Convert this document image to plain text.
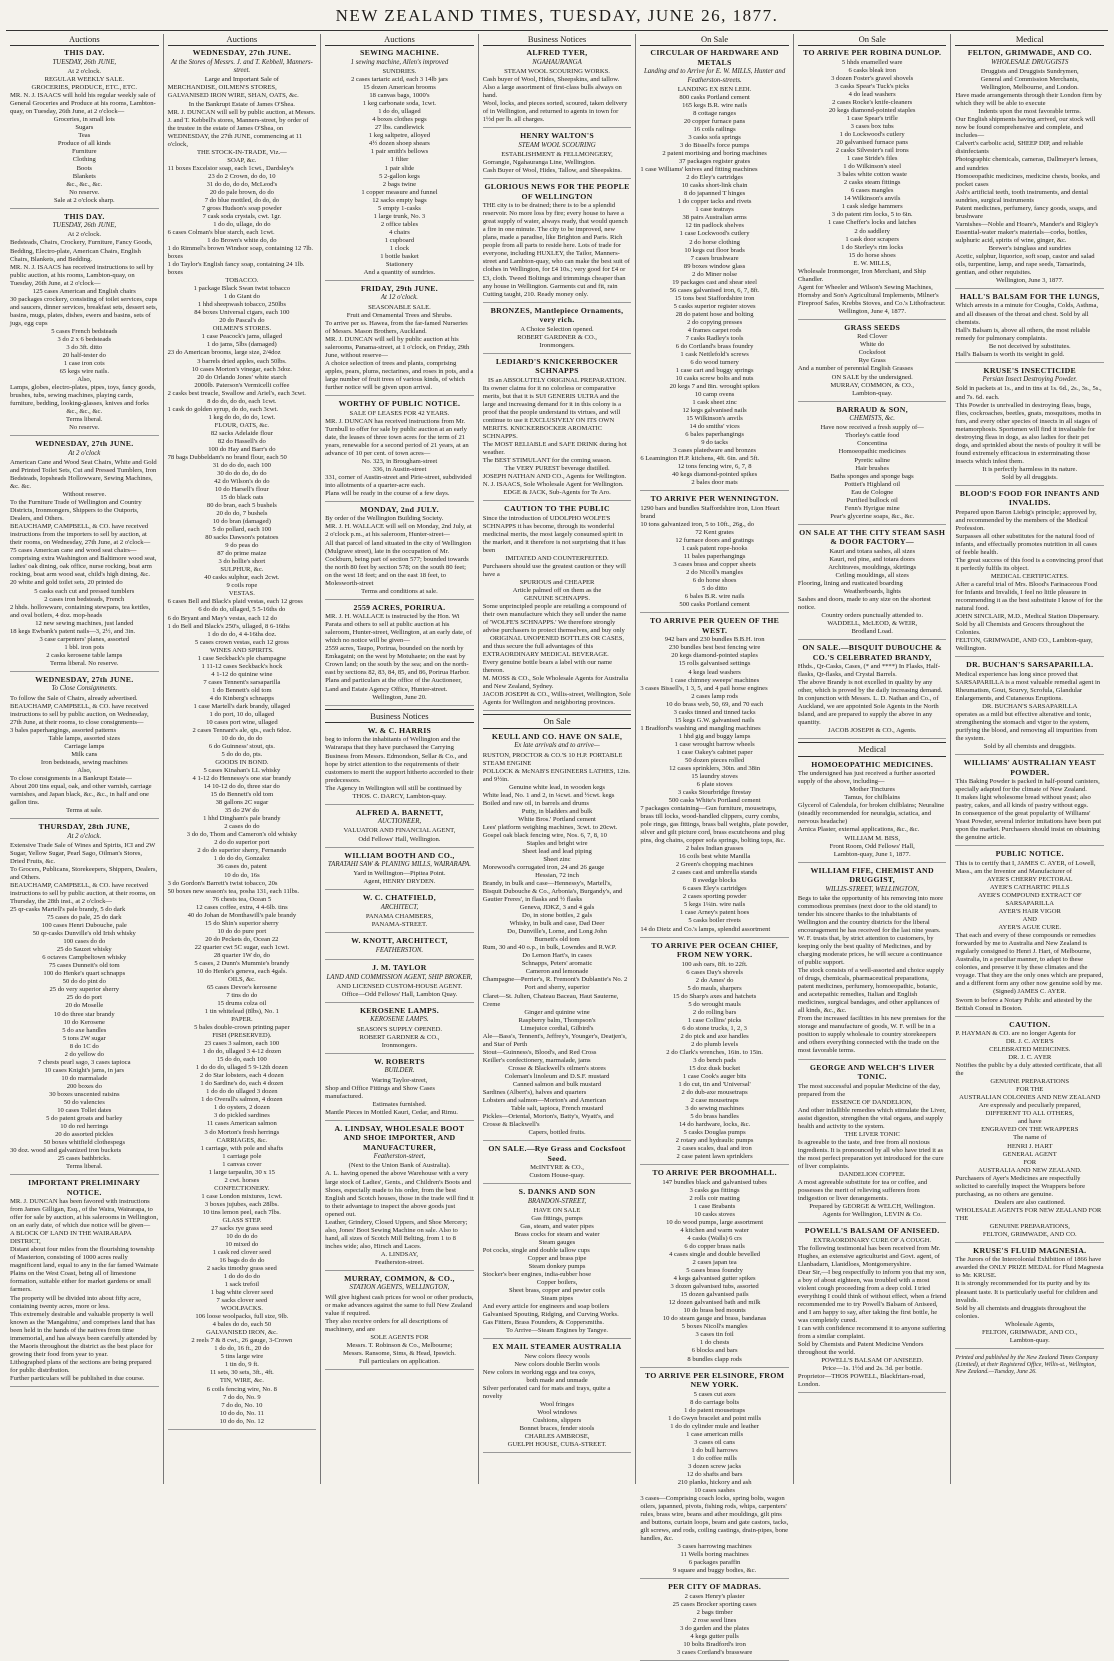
NEW ZEALAND TIMES, TUESDAY, JUNE 26, 1877.
Auctions
THIS DAY.
TUESDAY, 26th JUNE,

At 2 o'clock.

REGULAR WEEKLY SALE.

GROCERIES, PRODUCE, ETC., ETC.

MR. N. J. ISAACS will hold his regular weekly sale of General Groceries and Produce at his rooms, Lambton-quay, on Tuesday, 26th June, at 2 o'clock—

Groceries, in small lots

Sugars

Teas

Produce of all kinds

Furniture

Clothing

Boots

Blankets

&c., &c., &c.

No reserve.

Sale at 2 o'clock sharp.

THIS DAY.
TUESDAY, 26th JUNE,

At 2 o'clock.

Bedsteads, Chairs, Crockery, Furniture, Fancy Goods, Bedding, Electro-plate, American Chairs, English Chairs, Blankets, and Bedding.

MR. N. J. ISAACS has received instructions to sell by public auction, at his rooms, Lambton-quay, on Tuesday, 26th June, at 2 o'clock—

125 cases American and English chairs

30 packages crockery, consisting of toilet services, cups and saucers, dinner services, breakfast sets, dessert sets, basins, mugs, plates, dishes, ewers and basins, sets of jugs, egg cups

5 cases French bedsteads

3 do 2 x 6 bedsteads

3 do 3ft. ditto

20 half-tester do

1 case iron cots

65 kegs wire nails.

Also,

Lamps, globes, electro-plates, pipes, toys, fancy goods, brushes, tubs, sewing machines, playing cards, furniture, bedding, looking-glasses, knives and forks

&c., &c., &c.

Terms liberal.

No reserve.

WEDNESDAY, 27th JUNE.
At 2 o'clock

American Cane and Wood Seat Chairs, White and Gold and Printed Toilet Sets, Cut and Pressed Tumblers, Iron Bedsteads, Iopsheads Hollowware, Sewing Machines, &c. &c.

Without reserve.

To the Furniture Trade of Wellington and Country Districts, Ironmongers, Shippers to the Outports, Dealers, and Others.

BEAUCHAMP, CAMPBELL, & CO. have received instructions from the importers to sell by auction, at their rooms, on Wednesday, 27th June, at 2 o'clock—

75 cases American cane and wood seat chairs—comprising extra Washington and Baltimore wood seat, ladies' oak dining, oak office, nurse rocking, boat arm rocking, boat arm wood seat, child's high dining, &c.

20 white and gold toilet sets, 20 printed do

5 casks each cut and pressed tumblers

2 cases iron bedsteads, French

2 hhds. hollowware, containing stewpans, tea kettles, and oval boilers, 4 doz. mop-heads

12 new sewing machines, just landed

18 kegs Ewbank's patent nails—3, 2½, and 3in.

3 case carpenters' planes, assorted

1 bbl. iron pots

2 casks kerosene table lamps

Terms liberal. No reserve.

WEDNESDAY, 27th JUNE.
To Close Consignments.

To follow the Sale of Chairs, already advertised.

BEAUCHAMP, CAMPBELL, & CO. have received instructions to sell by public auction, on Wednesday, 27th June, at their rooms, to close consignments—

3 bales paperhangings, assorted patterns

Table lamps, assorted sizes

Carriage lamps

Milk cans

Iron bedsteads, sewing machines

Also,

To close consignments in a Bankrupt Estate—

About 200 tins equal, oak, and other varnish, carriage varnishes, and Japan black, &c., &c., in half and one gallon tins.

Terms at sale.

THURSDAY, 28th JUNE,
At 2 o'clock.

Extensive Trade Sale of Wines and Spirits, ICI and 2W Sugar, Yellow Sugar, Pearl Sago, Oilman's Stores, Dried Fruits, &c.

To Grocers, Publicans, Storekeepers, Shippers, Dealers, and Others.

BEAUCHAMP, CAMPBELL, & CO. have received instructions to sell by public auction, at their rooms, on Thursday, the 28th inst., at 2 o'clock—

25 qr-casks Martell's pale brandy, 5 do dark

75 cases do pale, 25 do dark

100 cases Henri Dubouche, pale

50 qr-casks Dunville's old Irish whisky

100 cases do do

25 do Sauzet whisky

6 octaves Campbeltown whisky

75 cases Dunneit's old tom

100 do Henke's quart schnapps

50 do do pint do

25 do very superior sherry

25 do do port

20 do Moselle

10 do three star brandy

10 do Kerosene

5 do axe handles

5 tons 2W sugar

8 do 1C do

2 do yellow do

7 chests pearl sago, 3 cases tapioca

10 cases Knight's jams, in jars

10 do marmalade

200 boxes do

30 boxes unscented raisins

50 do valencies

10 cases Tollet dates

5 do patent groats and barley

10 do red herrings

20 do assorted pickles

50 boxes whitfield clothespegs

30 doz. wood and galvanized iron buckets

25 cases bathbricks.

Terms liberal.

IMPORTANT PRELIMINARY NOTICE.

MR. J. DUNCAN has been favored with instructions from James Gilligan, Esq., of the Waira, Wairarapa, to offer for sale by auction, at his salerooms in Wellington, on an early date, of which due notice will be given—

A BLOCK OF LAND IN THE WAIRARAPA DISTRICT,

Distant about four miles from the flourishing township of Masterton, consisting of 1000 acres really magnificent land, equal to any in the far famed Waimate Plains on the West Coast, being all of limestone formation, suitable either for market gardens or small farmers.

The property will be divided into about fifty acre, containing twenty acres, more or less.

This extremely desirable and valuable property is well known as the 'Mangahinu,' and comprises land that has been held in the hands of the natives from time immemorial, and has always been carefully attended by the Maoris throughout the district as the best place for growing their food from year to year.

Lithographed plans of the sections are being prepared for public distribution.

Further particulars will be published in due course.

Auctions
WEDNESDAY, 27th JUNE.
At the Stores of Messrs. J. and T. Kebbell, Manners-street.

Large and Important Sale of

MERCHANDISE, OILMEN'S STORES, GALVANISED IRON WIRE, SHAN, OATS, &c.

In the Bankrupt Estate of James O'Shea.

MR. J. DUNCAN will sell by public auction, at Messrs. J. and T. Kebbell's stores, Manners-street, by order of the trustee in the estate of James O'Shea, on WEDNESDAY, the 27th JUNE, commencing at 11 o'clock,

THE STOCK-IN-TRADE, Viz.—

SOAP, &c.

11 boxes Excelsior soap, each 1cwt., Dardsley's

23 do 2 Crown, do do, 10

31 do do, do do, McLeod's

20 do pale brown, do do

7 do blue mottled, do do, do

7 gross Hudson's soap powder

7 cask soda crystals, cwt. 1gr.

1 do do, ullage, do do

6 cases Colman's blue starch, each 1cwt.

1 do Brown's white do, do

1 do Rimmel's brown Windsor soap, containing 12 7lb. boxes

1 do Taylor's English fancy soap, containing 24 1lb. boxes

TOBACCO.

1 package Black Swan twist tobacco

1 do Giant do

1 hhd sheepwash tobacco, 250lbs

84 boxes Universal cigars, each 100

20 do Pascal's do

OILMEN'S STORES.

1 case Peacock's jams, ullaged

1 do jams, 5lbs (damaged)

23 do American brooms, large size, 2/4doz

3 barrels dried apples, each 50lbs.

10 cases Morton's vinegar, each 3doz.

20 do Orlando Jones' white starch

2000lb. Paterson's Vermicelli coffee

2 casks best treacle, Swallow and Ariel's, each 3cwt.

8 do do, do do, each 1cwt.

1 cask do golden syrup, do do, each 3cwt.

1 keg do do, do do, 1cwt.

FLOUR, OATS, &c.

82 sacks Adelaide flour

82 do Hassell's do

100 do Hay and Barr's do

78 bags Dubbeldam's no brand flour, each 50

31 do do do, each 100

30 do do do, do do

42 do Wilson's do do

10 do Harsell's flour

15 do black oats

80 do bran, each 5 bushels

20 do do, 7 bushels

10 do bran (damaged)

5 do pollard, each 100

80 sacks Dawson's potatoes

9 do peas do

87 do prime maize

3 do hollie's short

SULPHUR, &c.

40 casks sulphur, each 2cwt.

9 coils rope

VESTAS.

6 cases Bell and Black's plaid vestas, each 12 gross

6 do do do, ullaged, 5 5-16ths do

6 do Bryant and May's vestas, each 12 do

1 do Bell and Black's 250's, ullaged, 8 6-16ths

1 do do do, 4 4-16ths doz.

5 cases crown vestas, each 12 gross

WINES AND SPIRITS.

1 case Seckback's ple champagne

1 11-12 cases Seckback's hock

4 1-12 do quinine wine

7 cases Tennent's sarsaparilla

1 do Bennett's old tom

4 do Kinberg's schnapps

1 case Martell's dark brandy, ullaged

1 do port, 10 do, ullaged

10 cases port wine, ullaged

2 cases Tennant's ale, qts., each 6doz.

10 do do, do do

6 do Guinness' stout, qts.

5 do do do, pts.

GOODS IN BOND.

5 cases Kinahan's LL whisky

4 1-12 do Hennessy's one star brandy

14 10-12 do do, three star do

15 do Bennett's old tom

38 gallons 2C sugar

35 do 2W do

1 hhd Dingham's pale brandy

2 cases do do

3 do do, Thom and Cameron's old whisky

2 do do superior port

2 do do superior sherry, Fernando

1 do do do, Gonzalez

36 cases do, patent

10 do do, 16s

3 do Gordon's Barrett's twist tobacco, 20s

50 boxes new season's tea, posha 131, each 11lbs.

76 chests tea, Ocean 5

12 cases coffee, extra, 4 4-6lb. tins

40 do Johan de Monthawill's pale brandy

15 do Shin's superior sherry

10 do do pure port

20 do Peckets do, Ocean 22

22 quarter cwt 5C sugar, each 1cwt.

28 quarter 1W do, do

5 cases, 2 Dunn's Mummie's brandy

10 do Henke's geneva, each 4gals.

OILS, &c.

65 cases Devoe's kerosene

7 tins do do

15 drums colza oil

1 tin whitelead (8lbs), No. 1

PAPER.

5 bales double-crown printing paper

FISH (PRESERVED).

23 cases 3 salmon, each 100

1 do do, ullaged 3 4-12 dozen

15 do do, each 100

1 do do do, ullaged 5 9-12th dozen

2 do Star lobsters, each 4 dozen

1 do Sardine's do, each 4 dozen

1 do do do ullaged 3 dozen

1 do Overall's salmon, 4 dozen

1 do oysters, 2 dozen

3 do pickled sardines

11 cases American salmon

3 do Morton's fresh herrings

CARRIAGES, &c.

1 carriage, with pole and shafts

1 carriage pole

1 canvas cover

1 large tarpaulin, 30 x 15

2 cwt. horses

CONFECTIONERY.

1 case London mixtures, 1cwt.

3 boxes jujubes, each 28lbs.

10 tins lemon peel, each 7lbs.

GLASS STEP.

27 sacks rye grass seed

10 do do do

10 mixed do

1 cask red clover seed

16 bags do do do

2 sacks timothy grass seed

1 do do do do

1 sack trefoil

1 bag white clover seed

7 sacks clover seed

WOOLPACKS.

106 loose woolpacks, full size, 9lb.

4 bales do do, each 50

GALVANISED IRON, &c.

2 reels 7 & 8 cwt., 26 gauge, 3-Crown

1 do do, 16 ft., 20 do

5 tins large wire

1 tin do, 9 ft.

11 sets, 30 sets, 3ft., 4ft.

TIN, WIRE, &c.

6 coils fencing wire, No. 8

7 do do, No. 9

7 do do, No. 10

10 do do, No. 11

10 do do, No. 12

Auctions
SEWING MACHINE.
1 sewing machine, Allen's improved

SUNDRIES.

2 cases tartaric acid, each 3 14lb jars

15 dozen American brooms

18 canvas bags, 1000's

1 keg carbonate soda, 1cwt.

1 do do, ullaged

4 boxes clothes pegs

27 lbs. candlewick

1 keg saltpetre, alloyed

4½ dozen shoep shears

1 pair smith's bellows

1 filter

1 pair slide

5 2-gallon kegs

2 bags twine

1 copper measure and funnel

12 sacks empty bags

5 empty 1-casks

1 large trunk, No. 3

2 office tables

4 chairs

1 cupboard

1 clock

1 bottle basket

Stationery

And a quantity of sundries.

FRIDAY, 29th JUNE.
At 12 o'clock.

SEASONABLE SALE.

Fruit and Ornamental Trees and Shrubs.

To arrive per ss. Hawea, from the far-famed Nurseries of Messrs. Mason Brothers, Auckland.

MR. J. DUNCAN will sell by public auction at his salerooms, Panama-street, at 1 o'clock, on Friday, 29th June, without reserve—

A choice selection of trees and plants, comprising apples, pears, plums, nectarines, and roses in pots, and a large number of fruit trees of various kinds, of which further notice will be given upon arrival.

WORTHY OF PUBLIC NOTICE.

SALE OF LEASES FOR 42 YEARS.

MR. J. DUNCAN has received instructions from Mr. Turnbull to offer for sale by public auction at an early date, the leases of three town acres for the term of 21 years, renewable for a second period of 21 years, at an advance of 10 per cent. of town acres—

No. 323, in Brougham-street

336, in Austin-street

331, corner of Austin-street and Pirie-street, subdivided into allotments of a quarter-acre each.

Plans will be ready in the course of a few days.

MONDAY, 2nd JULY.

By order of the Wellington Building Society.

MR. J. H. WALLACE will sell on Monday, 2nd July, at 2 o'clock p.m., at his saleroom, Hunter-street—

All that parcel of land situated in the city of Wellington (Mulgrave street), late in the occupation of Mr. Cockburn, being part of section 577; bounded towards the north 80 feet by section 578; on the south 80 feet; on the west 18 feet; and on the east 18 feet, to Molesworth-street

Terms and conditions at sale.

2559 ACRES, PORIRUA.

MR. J. H. WALLACE is instructed by the Hon. Wi Parata and others to sell at public auction at his saleroom, Hunter-street, Wellington, at an early date, of which no notice will be given—

2559 acres, Taupo, Porirua, bounded on the north by Emkagatni; on the west by Motuhaete; on the east by Crown land; on the south by the sea; and on the north-east by sections 82, 83, 84, 85, and 86, Porirua Harbor.

Plans and particulars at the office of the Auctioneer, Land and Estate Agency Office, Hunter-street.

Wellington, June 20.

Business Notices
W. & C. HARRIS

beg to inform the inhabitants of Wellington and the Wairarapa that they have purchased the Carrying Business from Messrs. Edmondson, Sellar & Co., and hope by strict attention to the requirements of their customers to merit the support hitherto accorded to their predecessors.

The Agency in Wellington will still be continued by

THOS. C. DARCY, Lambton-quay.

ALFRED A. BARNETT,
AUCTIONEER,

VALUATOR AND FINANCIAL AGENT,

Odd Fellows' Hall, Wellington.

WILLIAM BOOTH AND CO.,
TARATAHI SAW & PLANING MILLS, WAIRARAPA.

Yard in Wellington—Pipitea Point.

Agent, HENRY DRYDEN.

W. C. CHATFIELD,
ARCHITECT,

PANAMA CHAMBERS,

PANAMA-STREET.

W. KNOTT, ARCHITECT,
FEATHERSTON.
J. M. TAYLOR
LAND AND COMMISSION AGENT, SHIP BROKER,

AND LICENSED CUSTOM-HOUSE AGENT.

Office—Odd Fellows' Hall, Lambton Quay.

KEROSENE LAMPS.
KEROSENE LAMPS.

SEASON'S SUPPLY OPENED.

ROBERT GARDNER & CO.,

Ironmongers.

W. ROBERTS
BUILDER.

Waring Taylor-street,

Shop and Office Fittings and Show Cases manufactured.

Estimates furnished.

Mantle Pieces in Mottled Kauri, Cedar, and Rimu.

A. LINDSAY, WHOLESALE BOOT AND SHOE IMPORTER, AND MANUFACTURER,
Featherston-street,

(Next to the Union Bank of Australia).

A. L. having opened the above Warehouse with a very large stock of Ladies', Gents., and Children's Boots and Shoes, especially made to his order, from the best English and Scotch houses, those in the trade will find it to their advantage to inspect the above goods just opened out.

Leather, Grindery, Closed Uppers, and Shoe Mercery; also, Jones' Boot Sewing Machine on sale. Also to hand, all sizes of Scotch Mill Belting, from 1 to 8 inches wide; also, Hirsch and Laces.

A. LINDSAY,

Featherston-street.

MURRAY, COMMON, & CO.,
STATION AGENTS, WELLINGTON,

Will give highest cash prices for wool or other products, or make advances against the same to full New Zealand value if required.

They also receive orders for all descriptions of machinery, and are

SOLE AGENTS FOR

Messrs. T. Robinson & Co., Melbourne;

Messrs. Ransome, Sims, & Head, Ipswich.

Full particulars on application.

Business Notices
ALFRED TYER,
NGAHAURANGA

STEAM WOOL SCOURING WORKS.

Cash buyer of Wool, Hides, Sheepskins, and tallow. Also a large assortment of first-class bulls always on hand.

Wool, locks, and pieces sorted, scoured, taken delivery of in Wellington, and returned to agents in town for 1½d per lb. all charges.

HENRY WALTON'S
STEAM WOOL SCOURING

ESTABLISHMENT & FELLMONGERY,

Gorrangie, Ngahauranga Line, Wellington.

Cash Buyer of Wool, Hides, Tallow, and Sheepskins.

GLORIOUS NEWS FOR THE PEOPLE OF WELLINGTON

THE city is to be drained; there is to be a splendid reservoir. No more loss by fire; every house to have a great supply of water, always ready, that would quench a fire in one minute. The city to be improved, new plans, made a paradise, like Brighton and Paris. Rich people from all parts to reside here. Lots of trade for everyone, including HUXLEY, the Tailor, Manners-street and Lambton-quay, who can make the best suit of clothes in Wellington, for £4 10s.; very good for £4 or £3, cloth. Tweed Boltings and trimmings cheaper than any house in Wellington. Garments cut and fit, rain Cutting taught, 210. Ready money only.

BRONZES, Mantlepiece Ornaments, very rich.

A Choice Selection opened.

ROBERT GARDNER & CO.,

Ironmongers.

LEDIARD'S KNICKERBOCKER SCHNAPPS

IS an ABSOLUTELY ORIGINAL PREPARATION.

Its owner claims for it no colorless or comparative merits, but that it is SUI GENERIS ULTRA and the large and increasing demand for it in this colony is a proof that the people understand its virtues, and will continue to use it EXCLUSIVELY ON ITS OWN MERITS. KNICKERBOCKER AROMATIC SCHNAPPS.

The MOST RELIABLE and SAFE DRINK during hot weather.

The BEST STIMULANT for the coming season.

The VERY PUREST beverage distilled.

JOSEPH NATHAN AND CO., Agents for Wellington.

N. J. ISAACS, Sole Wholesale Agent for Wellington.

EDGE & JACK, Sub-Agents for Te Aro.

CAUTION TO THE PUBLIC

Since the introduction of UDOLPHO WOLFE'S SCHNAPPS it has become, through its wonderful medicinal merits, the most largely consumed spirit in the market, and it therefore is not surprising that it has been

IMITATED AND COUNTERFEITED.

Purchasers should use the greatest caution or they will have a

SPURIOUS and CHEAPER

Article palmed off on them as the

GENUINE SCHNAPPS.

Some unprincipled people are retailing a compound of their own manufacture which they sell under the name of 'WOLFE'S SCHNAPPS.' We therefore strongly advise purchasers to protect themselves, and buy only

ORIGINAL UNOPENED BOTTLES OR CASES,

and thus secure the full advantages of this EXTRAORDINARY MEDICAL BEVERAGE.

Every genuine bottle bears a label with our name thereon.

M. MOSS & CO., Sole Wholesale Agents for Australia and New Zealand, Sydney.

JACOB JOSEPH & CO., Willis-street, Wellington, Sole Agents for Wellington and neighboring provinces.

On Sale
KEULL AND CO. HAVE ON SALE,
Ex late arrivals and to arrive—

RUSTON, PROCTOR & CO.'S 10 H.P. PORTABLE STEAM ENGINE

POLLOCK & McNAB'S ENGINEERS LATHES, 12in. and 9½in.

Genuine white lead, in wooden kegs

White lead, No. 1 and 2, in ¼cwt. and ½cwt. kegs

Boiled and raw oil, in barrels and drums

Putty, in bladders and bulk

White Bros.' Portland cement

Lees' platform weighing machines, 3cwt. to 20cwt.

Gospel oak black fencing wire, Nos. 6, 7, 8, 10

Staples and bright wire

Sheet lead and lead piping

Sheet zinc

Morewood's corrugated iron, 24 and 26 gauge

Hessian, 72 inch

Brandy, in bulk and case—Hennessy's, Martell's, Bisquit Dubouche & Co., Arbonia's, Burgandy's, and Gautier Freres', in flasks and ½ flasks

Geneva, JDKZ, 3 and 4 gals

Do, in stone bottles, 2 gals

Whisky, in bulk and case, Dad Deer

Do, Dunville's, Lorne, and Long John

Burnett's old tom

Rum, 30 and 40 o.p., in bulk, Lowndes and R.W.P.

Do Lemon Hart's, in cases

Schnapps, Peters' aromatic

Cameron and lemonade

Champagne—Perrier's, R. Fremont's Dublantie's No. 2

Port and sherry, superior

Claret—St. Julien, Chateau Baceau, Haut Sauterne, Creme

Ginger and quinine wine

Raspberry balm, Thompson's

Limejuice cordial, Gilbird's

Ale—Bass's, Tennent's, Jeffrey's, Younger's, Deatjen's, and Star of Perth

Stout—Guinness's, Blood's, and Red Cross

Keiller's confectionery, marmalade, jams

Crosse & Blackwell's oilmen's stores

Coleman's linoleum and D.S.F. mustard

Canned salmon and bulk mustard

Sardines (Albert's), halves and quarters

Lobsters and salmon—Morton's and American

Table salt, tapioca, French mustard

Pickles—Oriental, Morton's, Batty's, Wyatt's, and Crosse & Blackwell's

Capers, bottled fruits.

ON SALE.—Rye Grass and Cocksfoot Seed.

McINTYRE & CO.,

Custom House-quay.

S. DANKS AND SON
BRANDON-STREET,

HAVE ON SALE

Gas fittings, pumps

Gas, steam, and water pipes

Brass cocks for steam and water

Steam gauges

Pot cocks, single and double tallow cups

Copper and brass pipe

Steam donkey pumps

Stocker's beer engines, india-rubber hose

Copper boilers,

Sheet brass, copper and pewter coils

Steam pipes

And every article for engineers and soap boilers

Galvanised Spouting, Ridging, and Curving Works.

Gas Fitters, Brass Founders, & Coppersmiths.

To Arrive—Steam Engines by Tangye.

EX MAIL STEAMER AUSTRALIA

New colors fleecy wools

New colors double Berlin wools

New colors in working eggs and tea cosys,

both made and unmade

Silver perforated card for mats and trays, quite a novelty

Wool fringes

Wool windows

Cushions, slippers

Bonnet braces, fender stools

CHARLES AMBROSE,

GUELPH HOUSE, CUBA-STREET.

On Sale
CIRCULAR OF HARDWARE AND METALS
Landing and to Arrive for E. W. MILLS, Hunter and Featherston-streets.

LANDING EX BEN LEDI.

800 casks Portland cement

165 kegs B.R. wire nails

8 cottage ranges

20 copper furnace pans

16 coils railings

3 casks sofa springs

3 do Bissell's force pumps

2 patent mortising and boring machines

37 packages register grates

1 case Williams' knives and fitting machines

2 do Eley's cartridges

10 casks short-link chain

8 do japanned T hinges

1 do copper tacks and rivets

1 case teatrays

38 pairs Australian arms

12 tin padlock shelves

1 case Lockwood's cutlery

2 do horse clothing

10 kegs cut floor brads

7 cases brushware

89 boxes window glass

2 do Miner nolse

19 packages cast and shear steel

56 cases galvanised iron, 6, 7, 8ft.

15 tons best Staffordshire iron

5 casks superior register stoves

28 do patent hose and bolting

2 do copying presses

4 frames carpet rods

7 casks Radley's tools

6 do Cortland's brass foundry

1 cask Nettlefold's screws

6 do wood turnery

1 case cart and buggy springs

10 casks screw bolts and nuts

20 kegs 7 and 8in. wrought spikes

10 camp ovens

1 cask sheet zinc

12 kegs galvanised nails

15 Wilkinson's anvils

14 do smiths' vices

6 bales paperhangings

9 do tacks

3 cases platedware and bronzes

6 Leamington H.P. kitchens, 4ft. 6in. and 5ft.

12 tons fencing wire, 6, 7, 8

40 kegs diamond-pointed spikes

2 bales door mats

TO ARRIVE PER WENNINGTON.

1290 bars and bundles Staffordshire iron, Lion Heart brand

10 tons galvanized iron, 5 to 10ft., 26g., do

72 Kent grates

12 furnace doors and gratings

1 cask patent rope-hooks

11 bales paperhangings

3 cases brass and copper sheets

2 do Nicoll's mangles

6 do horse shoes

5 do ditto

6 bales B.R. wire nails

500 casks Portland cement

TO ARRIVE PER QUEEN OF THE WEST.

942 bars and 230 bundles B.B.H. iron

230 bundles best best fencing wire

20 kegs diamond-pointed staples

15 rolls galvanised settings

4 kegs lead washers

1 case chimney sweeps' machines

3 cases Bissell's, 1 3, 5, and 4 pail horse engines

2 cases lamp rods

10 do brass web, 50, 69, and 70 each

3 casks tinned and tinned tacks

15 kegs G.W. galvanised nails

1 Bradford's washing and mangling machines

1 hhd gig and buggy lamps

1 case wrought barrow wheels

1 case Oakey's cabinet paper

50 dozen pieces rolled

12 cases sprinklers, 30in. and 38in

15 laundry stoves

6 plate stoves

3 casks Stourbridge firestay

500 casks White's Portland cement

7 packages containing—Gun furniture, mousetraps, brass till locks, wood-handled clippers, curry combs, pole rings, gas fittings, brass ball weights, plate powder, silver and gilt picture cord, brass escutcheons and plug pins, dog chains, copper sofa springs, bolting tops, &c.

2 bales Indian grasses

16 coils best white Manilla

2 Green's chopping machines

2 cases cast and umbrella stands

8 swedge blocks

6 cases Eley's cartridges

2 cases sporting powder

5 kegs 1¼in. wire nails

1 case Arney's patent hoes

5 casks boiler rivets

14 do Dietz and Co.'s lamps, splendid assortment

TO ARRIVE PER OCEAN CHIEF, FROM NEW YORK.

100 ash oars, 8ft. to 22ft.

6 cases Day's shovels

2 do Ames' do

5 do mauls, sharpers

15 do Sharp's axes and hatchets

5 do wrought mauls

2 do rolling bars

1 case Collins' picks

6 do stone trucks, 1, 2, 3

2 do pick and axe handles

2 do plumb levels

2 do Clark's wrenches, 16in. to 15in.

3 do bench pads

15 doz dusk bucket

1 case Cook's auger bits

1 do cut, tin and 'Universal'

2 do dub-axe mousetraps

2 case mousetraps

3 do sewing machines

5 do brass handles

14 do hardware, locks, &c.

5 casks Douglas pumps

2 rotary and hydraulic pumps

2 cases scales, dual and iron

2 case patent lawn sprinklers

TO ARRIVE PER BROOMHALL.

147 bundles black and galvanised tubes

3 casks gas fittings

2 rolls coir matting

1 case Brabants

10 casks stoves

10 do wood pumps, large assortment

4 kitchen and warm water

4 casks (Walls) 6 crs

6 do copper brass nails

4 cases single and double bevelled

2 cases japan tea

5 cases brass foundry

4 kegs galvanised gutter spikes

3 dozen galvanised tubs, assorted

15 dozen galvanised pails

12 dozen galvanised bath and milk

10 do brass bed mounts

10 do steam gauge and brass, bandanas

5 boxes Nicoll's mangles

3 cases tin foil

1 do chests

6 blocks and bars

8 bundles clapp rods

TO ARRIVE PER ELSINORE, FROM NEW YORK.

5 cases cut axes

8 do carriage bolts

1 do patent mousetraps

1 do Gwyn bracelet and point mills

1 do do cylinder mule and leather

1 case american mills

3 cases oil cans

1 do bull harrows

1 do coffee mills

3 dozen screw jacks

12 do shafts and bars

210 planks, hickory and ash

10 cases sashes

3 cases—Comprising coach locks, spring bolts, wagon oilers, japanned, pivots, fishing rods, whips, carpenters' rules, brass wire, beans and ather mouldings, gilt pins and buttons, curtain loops, beam and gate castors, tacks, gilt screws, and rods, coiling castings, drain-pipes, bone handles, &c.

3 cases harrowing machines

11 Wells boring machines

6 packages paraffin

9 square and buggy bodies, &c.

PER CITY OF MADRAS.

2 cases Henry's plaster

25 cases Brocker sporting cases

2 bags timber

2 rose seed lines

3 do garden and the plates

4 kegs gutter pulls

10 bolts Bradford's iron

3 cases Cortland's brassware

On Sale
TO ARRIVE PER ROBINA DUNLOP.

5 hhds enamelled ware

6 casks bleak iron

3 dozen Foster's gravel shovels

3 casks Spear's Tuck's picks

4 do lead washers

2 cases Rocke's knife-cleaners

20 kegs diamond-pointed staples

1 case Spear's trifle

3 cases box tubs

1 do Lockwood's cutlery

20 galvanised furnace pans

2 casks Silvester's rail irons

1 case Stride's files

1 do Wilkinson's steel

3 bales white cotton waste

2 casks steam fittings

6 cases mangles

14 Wilkinson's anvils

1 cask sledge hammers

3 do patent rim locks, 5 to 6in.

1 case Cheffer's locks and latches

2 do saddlery

1 cask door scrapers

1 do Sterley's rim locks

15 do horse shoes

E. W. MILLS,

Wholesale Ironmonger, Iron Merchant, and Ship Chandler.

Agent for Wheeler and Wilson's Sewing Machines, Hornsby and Son's Agricultural Implements, Milner's Fireproof Safes, Krebbs Stoves, and Co.'s Lithofracteur.

Wellington, June 4, 1877.

GRASS SEEDS

Red Clover

White do

Cocksfoot

Rye Grass

And a number of perennial English Grasses

ON SALE by the undersigned.

MURRAY, COMMON, & CO.,

Lambton-quay.

BARRAUD & SON,
CHEMISTS, &c.

Have now received a fresh supply of—

Thorley's cattle food

Concentina

Homoeopathic medicines

Pyretic saline

Hair brushes

Baths sponges and sponge bags

Pottiet's Highland oil

Eau de Cologne

Purified bullock oil

Fenn's Hyrigue mine

Pear's glycerine soaps, &c., &c.

ON SALE AT THE CITY STEAM SASH & DOOR FACTORY—

Kauri and totara sashes, all sizes

Kauri, red pine, and totara doors

Architraves, mouldings, skirtings

Ceiling mouldings, all sizes

Flooring, lining and rusticated boarding

Weatherboards, lights

Sashes and doors, made to any size on the shortest notice.

Country orders punctually attended to.

WADDELL, McLEOD, & WEIR,

Brodland Load.

ON SALE.—BISQUIT DUBOUCHE & CO.'S CELEBRATED BRANDY,

Hhds., Qr-Casks, Cases, (* and ****) In Flasks, Half-flasks, Qr-flasks, and Crystal Barrels.

The above Brandy is not excelled in quality by any other, which is proved by the daily increasing demand.

In conjunction with Messrs. L. D. Nathan and Co., of Auckland, we are appointed Sole Agents in the North Island, and are prepared to supply the above in any quantity.

JACOB JOSEPH & CO., Agents.

Medical
HOMOEOPATHIC MEDICINES.

The undersigned has just received a further assorted supply of the above, including—

Mother Tinctures

Tamus, for chilblains

Glycerol of Calendula, for broken chilblains; Neuraline (steadily recommended for neuralgia, sciatica, and nervous headache)

Arnica Plaster, external applications, &c., &c.

WILLIAM M. BISS,

Front Room, Odd Fellows' Hall,

Lambton-quay, June 1, 1877.

WILLIAM FIFE, CHEMIST AND DRUGGIST,
WILLIS-STREET, WELLINGTON,

Begs to take the opportunity of his removing into more commodious premises (next door to the old stand) to tender his sincere thanks to the inhabitants of Wellington and the country districts for the liberal encouragement he has received for the last nine years.

W. F. trusts that, by strict attention to customers, by keeping only the best quality of Medicines, and by charging moderate prices, he will secure a continuance of public support.

The stock consists of a well-assorted and choice supply of drugs, chemicals, pharmaceutical preparations, patent medicines, perfumery, homoeopathic, botanic, and acetepathic remedies, Italian and English medicines, surgical bandages, and other appliances of all kinds, &c., &c.

From the increased facilities in his new premises for the storage and manufacture of goods, W. F. will be in a position to supply wholesale to country storekeepers and others everything connected with the trade on the most favorable terms.

GEORGE AND WELCH'S LIVER TONIC.

The most successful and popular Medicine of the day, prepared from the

ESSENCE OF DANDELION,

And other infallible remedies which stimulate the Liver, assist digestion, strengthen the vital organs, and supply health and activity to the system.

THE LIVER TONIC

Is agreeable to the taste, and free from all noxious ingredients. It is pronounced by all who have tried it as the most perfect preparation yet introduced for the cure of liver complaints.

DANDELION COFFEE.

A most agreeable substitute for tea or coffee, and possesses the merit of relieving sufferers from indigestion or liver derangements.

Prepared by GEORGE & WELCH, Wellington.

Agents for Wellington, LEVIN & Co.

POWELL'S BALSAM OF ANISEED.

EXTRAORDINARY CURE OF A COUGH.

The following testimonial has been received from Mr. Hughes, an extensive agriculturist and Govt. agent, of Llanbadarn, Llanidloes, Montgomeryshire.

Dear Sir,—I beg respectfully to inform you that my son, a boy of about eighteen, was troubled with a most violent cough proceeding from a deep cold. I tried everything I could think of without effect, when a friend recommended me to try Powell's Balsam of Aniseed, and I am happy to say, after taking the first bottle, he was completely cured.

I can with confidence recommend it to anyone suffering from a similar complaint.

Sold by Chemists and Patent Medicine Vendors throughout the world.

POWELL'S BALSAM OF ANISEED.

Price—1s. 1½d and 2s. 3d. per bottle.

Proprietor—THOS POWELL, Blackfriars-road, London.

Medical
FELTON, GRIMWADE, AND CO.
WHOLESALE DRUGGISTS

Druggists and Druggists Sundrymen,

General and Commission Merchants,

Wellington, Melbourne, and London.

Have made arrangements through their London firm by which they will be able to execute

Indents upon the most favorable terms.

Our English shipments having arrived, our stock will now be found comprehensive and complete, and includes—

Calvert's carbolic acid, SHEEP DIP, and reliable disinfectants

Photographic chemicals, cameras, Dallmeyer's lenses, and sundries

Homoeopathic medicines, medicine chests, books, and pocket cases

Ash's artificial teeth, tooth instruments, and dental sundries, surgical instruments

Patent medicines, perfumery, fancy goods, soaps, and brushware

Varnishes—Noble and Hoare's, Mander's and Rigley's

Essential-water maker's materials—corks, bottles, sulphuric acid, spirits of wine, ginger, &c.

Brewer's isinglass and sundries

Acetic, sulphur, liquorice, soft soap, castor and salad oils, turpentine, lamp, and rape seeds, Tamarinds, gentian, and other requisites.

Wellington, June 3, 1877.

HALL'S BALSAM FOR THE LUNGS,

Which arrests in a minute for Coughs, Colds, Asthma, and all diseases of the throat and chest. Sold by all chemists.

Hall's Balsam is, above all others, the most reliable remedy for pulmonary complaints.

Be not deceived by substitutes.

Hall's Balsam is worth its weight in gold.

KRUSE'S INSECTICIDE
Persian Insect Destroying Powder.

Sold in packets at 1s., and in tins at 1s. 6d., 2s., 3s., 5s., and 7s. 6d. each.

This Powder is unrivalled in destroying fleas, bugs, flies, cockroaches, beetles, gnats, mosquitoes, moths in furs, and every other species of insects in all stages of metamorphosis. Sportsmen will find it invaluable for destroying fleas in dogs, as also ladies for their pet dogs, and sprinkled about the nests of poultry it will be found extremely efficacious in exterminating those insects which infest them.

It is perfectly harmless in its nature.

Sold by all druggists.

BLOOD'S FOOD FOR INFANTS AND INVALIDS.

Prepared upon Baron Liebig's principle; approved by, and recommended by the members of the Medical Profession.

Surpasses all other substitutes for the natural food of infants, and effectually promotes nutrition in all cases of feeble health.

The great success of this food is a convincing proof that it perfectly fulfils its object.

MEDICAL CERTIFICATES.

After a careful trial of Mrs. Blood's Farinaceous Food for Infants and Invalids, I feel no little pleasure in recommending it as the best substitute I know of for the natural food.

JOHN SINCLAIR, M.D., Medical Station Dispensary.

Sold by all Chemists and Grocers throughout the Colonies.

FELTON, GRIMWADE, AND CO., Lambton-quay, Wellington.

DR. BUCHAN'S SARSAPARILLA.

Medical experience has long since proved that SARSAPARILLA is a most valuable remedial agent in Rheumatism, Gout, Scurvy, Scrofula, Glandular Enlargements, and Cutaneous Eruptions.

DR. BUCHAN'S SARSAPARILLA

operates as a mild but effective alterative and tonic, strengthening the stomach and vigor to the system, purifying the blood, and removing all impurities from the system.

Sold by all chemists and druggists.

WILLIAMS' AUSTRALIAN YEAST POWDER.

This Baking Powder is packed in half-pound canisters, specially adapted for the climate of New Zealand.

It makes light wholesome bread without yeast; also pastry, cakes, and all kinds of pastry without eggs.

In consequence of the great popularity of Williams' Yeast Powder, several inferior imitations have been put upon the market. Purchasers should insist on obtaining the genuine article.

PUBLIC NOTICE.

This is to certify that I, JAMES C. AYER, of Lowell, Mass., am the Inventor and Manufacturer of

AYER'S CHERRY PECTORAL

AYER'S CATHARTIC PILLS

AYER'S COMPOUND EXTRACT OF SARSAPARILLA

AYER'S HAIR VIGOR

AND

AYER'S AGUE CURE.

That each and every of these compounds or remedies forwarded by me to Australia and New Zealand is regularly consigned to Henri J. Hart, of Melbourne, Australia, in a peculiar manner, to adapt to these colonies, and preserve it by these climates and the voyage. That they are the only ones which are prepared, and a different form any other now genuine sold by me.

(Signed) JAMES C. AYER.

Sworn to before a Notary Public and attested by the British Consul in Boston.

CAUTION.

P. HAYMAN & CO. are no longer Agents for

DR. J. C. AYER'S

CELEBRATED MEDICINES.

DR. J. C. AYER

Notifies the public by a duly attested certificate, that all the

GENUINE PREPARATIONS

FOR THE

AUSTRALIAN COLONIES AND NEW ZEALAND

Are expressly and peculiarly prepared,

DIFFERENT TO ALL OTHERS,

and have

ENGRAVED ON THE WRAPPERS

The name of

HENRI J. HART

GENERAL AGENT

FOR

AUSTRALIA AND NEW ZEALAND.

Purchasers of Ayer's Medicines are respectfully solicited to carefully inspect the Wrappers before purchasing, as no others are genuine.

Dealers are also cautioned.

WHOLESALE AGENTS FOR NEW ZEALAND FOR THE

GENUINE PREPARATIONS,

FELTON, GRIMWADE, AND CO.

KRUSE'S FLUID MAGNESIA.

The Jurors of the Intercolonial Exhibition of 1866 have awarded the ONLY PRIZE MEDAL for Fluid Magnesia to Mr. KRUSE.

It is strongly recommended for its purity and by its pleasant taste. It is particularly useful for children and invalids.

Sold by all chemists and druggists throughout the colonies.

Wholesale Agents,

FELTON, GRIMWADE, AND CO.,

Lambton-quay.

Printed and published by the New Zealand Times Company (Limited), at their Registered Office, Willis-st., Wellington, New Zealand.—Tuesday, June 26.
